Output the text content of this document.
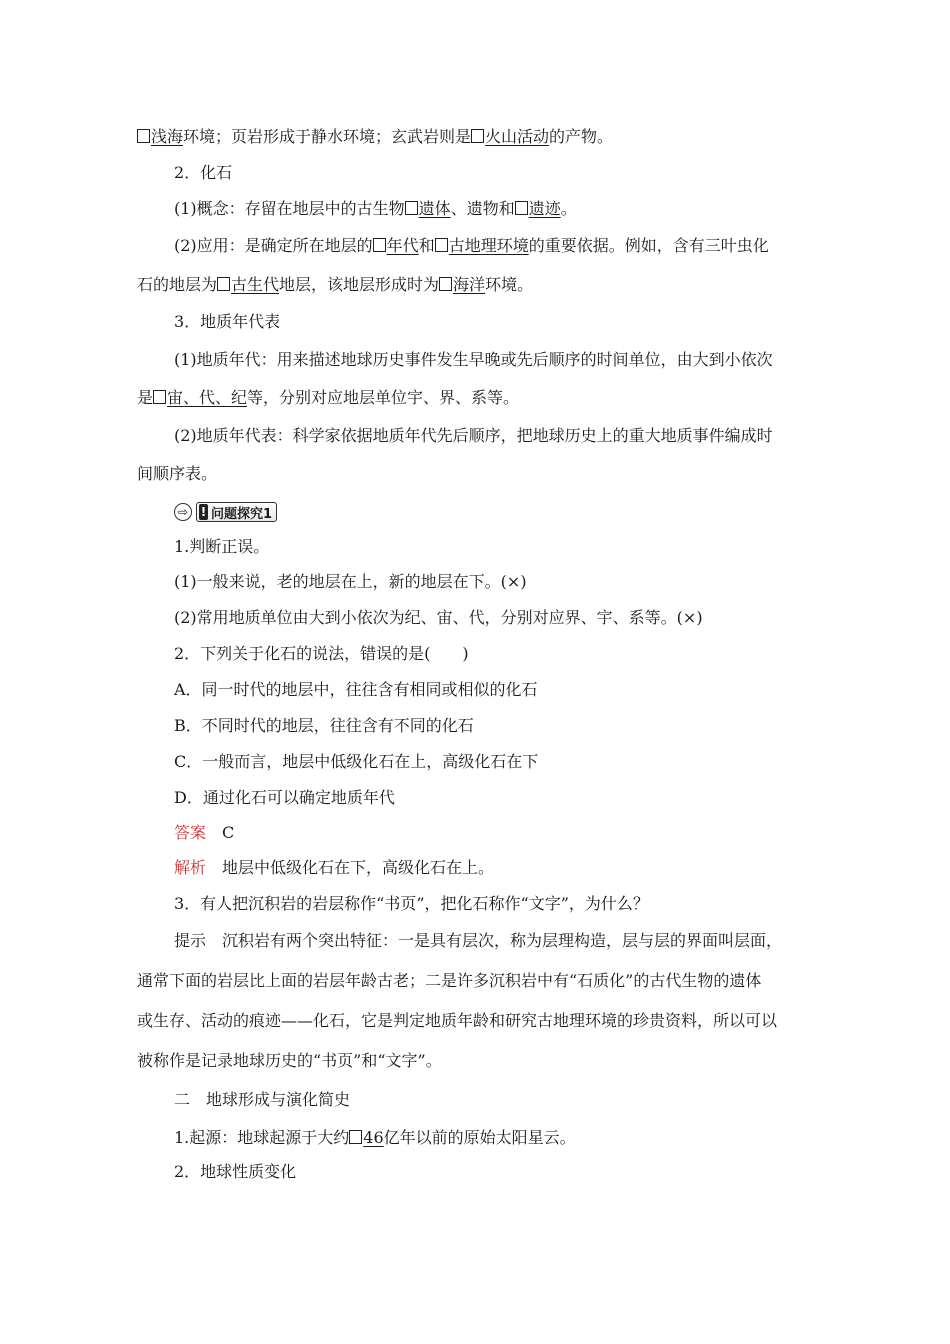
浅海环境；页岩形成于静水环境；玄武岩则是 火山活动的产物。
2．化石
(1)概念：存留在地层中的古生物 遗体、遗物和 遗迹。
(2)应用：是确定所在地层的 年代和 古地理环境的重要依据。例如，含有三叶虫化
石的地层为 古生代地层，该地层形成时为 海洋环境。
3．地质年代表
(1)地质年代：用来描述地球历史事件发生早晚或先后顺序的时间单位，由大到小依次
是 宙、代、纪等，分别对应地层单位宇、界、系等。
(2)地质年代表：科学家依据地质年代先后顺序，把地球历史上的重大地质事件编成时
间顺序表。
⇨	! 问题探究1
1.判断正误。
(1)一般来说，老的地层在上，新的地层在下。(×)
(2)常用地质单位由大到小依次为纪、宙、代，分别对应界、宇、系等。(×)
2．下列关于化石的说法，错误的是(　　)
A．同一时代的地层中，往往含有相同或相似的化石
B．不同时代的地层，往往含有不同的化石
C．一般而言，地层中低级化石在上，高级化石在下
D．通过化石可以确定地质年代
答案　 C
解析　 地层中低级化石在下，高级化石在上。
3．有人把沉积岩的岩层称作“书页”，把化石称作“文字”，为什么？
提示　沉积岩有两个突出特征：一是具有层次，称为层理构造，层与层的界面叫层面，
通常下面的岩层比上面的岩层年龄古老；二是许多沉积岩中有“石质化”的古代生物的遗体
或生存、活动的痕迹——化石，它是判定地质年龄和研究古地理环境的珍贵资料，所以可以
被称作是记录地球历史的“书页”和“文字”。
二　地球形成与演化简史
1.起源：地球起源于大约 46亿年以前的原始太阳星云。
2．地球性质变化
